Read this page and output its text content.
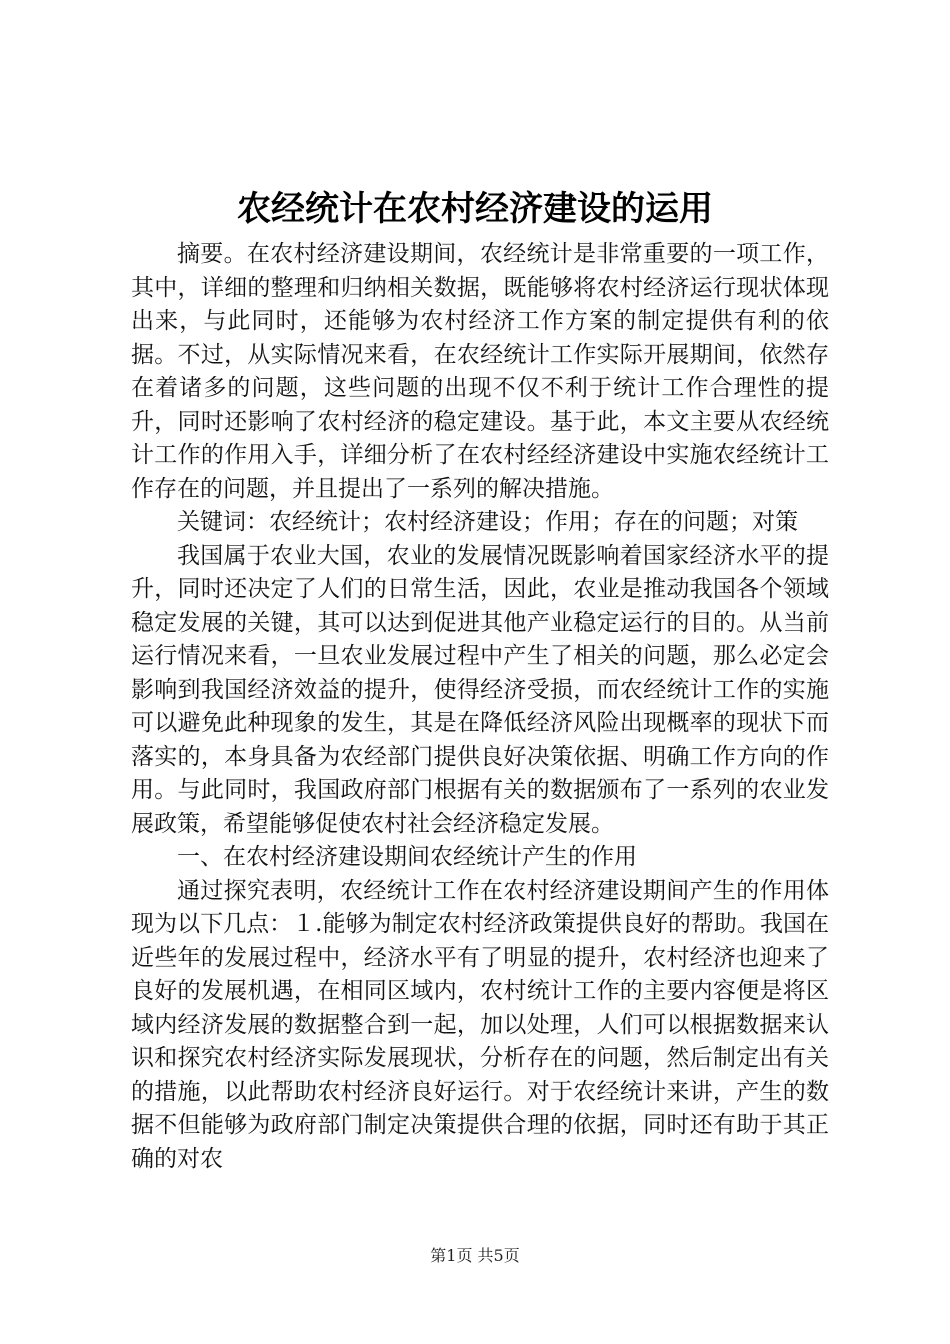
农经统计在农村经济建设的运用

摘要。在农村经济建设期间，农经统计是非常重要的一项工作，其中，详细的整理和归纳相关数据，既能够将农村经济运行现状体现出来，与此同时，还能够为农村经济工作方案的制定提供有利的依据。不过，从实际情况来看，在农经统计工作实际开展期间，依然存在着诸多的问题，这些问题的出现不仅不利于统计工作合理性的提升，同时还影响了农村经济的稳定建设。基于此，本文主要从农经统计工作的作用入手，详细分析了在农村经经济建设中实施农经统计工作存在的问题，并且提出了一系列的解决措施。

关键词：农经统计；农村经济建设；作用；存在的问题；对策

我国属于农业大国，农业的发展情况既影响着国家经济水平的提升，同时还决定了人们的日常生活，因此，农业是推动我国各个领域稳定发展的关键，其可以达到促进其他产业稳定运行的目的。从当前运行情况来看，一旦农业发展过程中产生了相关的问题，那么必定会影响到我国经济效益的提升，使得经济受损，而农经统计工作的实施可以避免此种现象的发生，其是在降低经济风险出现概率的现状下而落实的，本身具备为农经部门提供良好决策依据、明确工作方向的作用。与此同时，我国政府部门根据有关的数据颁布了一系列的农业发展政策，希望能够促使农村社会经济稳定发展。

一、在农村经济建设期间农经统计产生的作用

通过探究表明，农经统计工作在农村经济建设期间产生的作用体现为以下几点：１.能够为制定农村经济政策提供良好的帮助。我国在近些年的发展过程中，经济水平有了明显的提升，农村经济也迎来了良好的发展机遇，在相同区域内，农村统计工作的主要内容便是将区域内经济发展的数据整合到一起，加以处理，人们可以根据数据来认识和探究农村经济实际发展现状，分析存在的问题，然后制定出有关的措施，以此帮助农村经济良好运行。对于农经统计来讲，产生的数据不但能够为政府部门制定决策提供合理的依据，同时还有助于其正确的对农

第1页 共5页
